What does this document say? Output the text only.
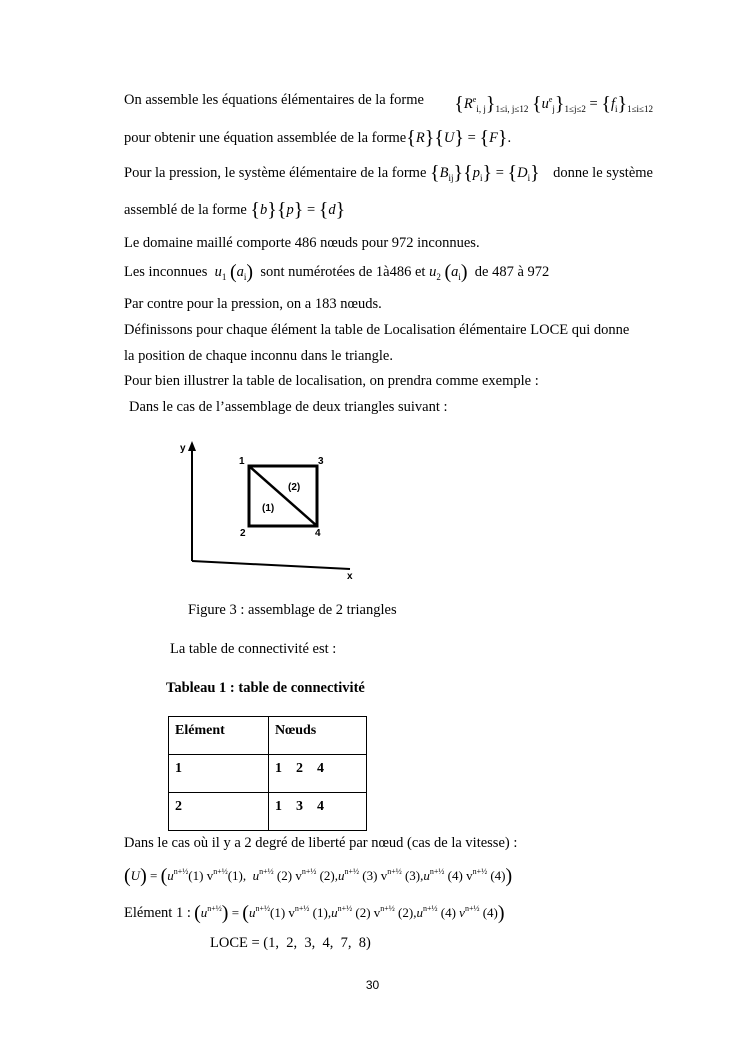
On assemble les équations élémentaires de la forme $\{R^e_{i, j}\}_{1\le i, j\le 12}$ $\{u^e_j\}_{1\le j\le 2} = \{f_i\}_{1\le i\le 12}$
pour obtenir une équation assemblée de la forme{R}{U} = {F}.
Pour la pression, le système élémentaire de la forme $\{B_{ij}\}\{p_i\} = \{D_i\}$ donne le système
assemblé de la forme {b}{p} = {d}
Le domaine maillé comporte 486 nœuds pour 972 inconnues.
Les inconnues $u_1$ $(a_i)$ sont numérotées de 1à486 et $u_2$ $(a_i)$ de 487 à 972
Par contre pour la pression, on a 183 nœuds.
Définissons pour chaque élément la table de Localisation élémentaire LOCE qui donne
la position de chaque inconnu dans le triangle.
Pour bien illustrer la table de localisation, on prendra comme exemple :
Dans le cas de l’assemblage de deux triangles suivant :
y
x
1	3
2	4
(2)
(1)
Figure 3 : assemblage de 2 triangles
La table de connectivité est :
Tableau 1 : table de connectivité
Elément	Nœuds
1	1    2    4
2	1    3    4
Dans le cas où il y a 2 degré de liberté par nœud (cas de la vitesse) :
$(U) = (u^{n+\frac{1}{2}}(1)$ $v^{n+\frac{1}{2}}(1)$, $u^{n+\frac{1}{2}}$ (2) $v^{n+\frac{1}{2}}$ $(2),u^{n+\frac{1}{2}}$ (3) $v^{n+\frac{1}{2}}$ $(3),u^{n+\frac{1}{2}}$ (4) $v^{n+\frac{1}{2}}$ (4))
Elément 1 : $(u^{n+\frac{1}{2}}) = (u^{n+\frac{1}{2}}(1)$ $v^{n+\frac{1}{2}}$ $(1),u^{n+\frac{1}{2}}$ (2) $v^{n+\frac{1}{2}}$ $(2),u^{n+\frac{1}{2}}$ (4) $v^{n+\frac{1}{2}}$ (4))
LOCE = (1,  2,  3,  4,  7,  8)
30
